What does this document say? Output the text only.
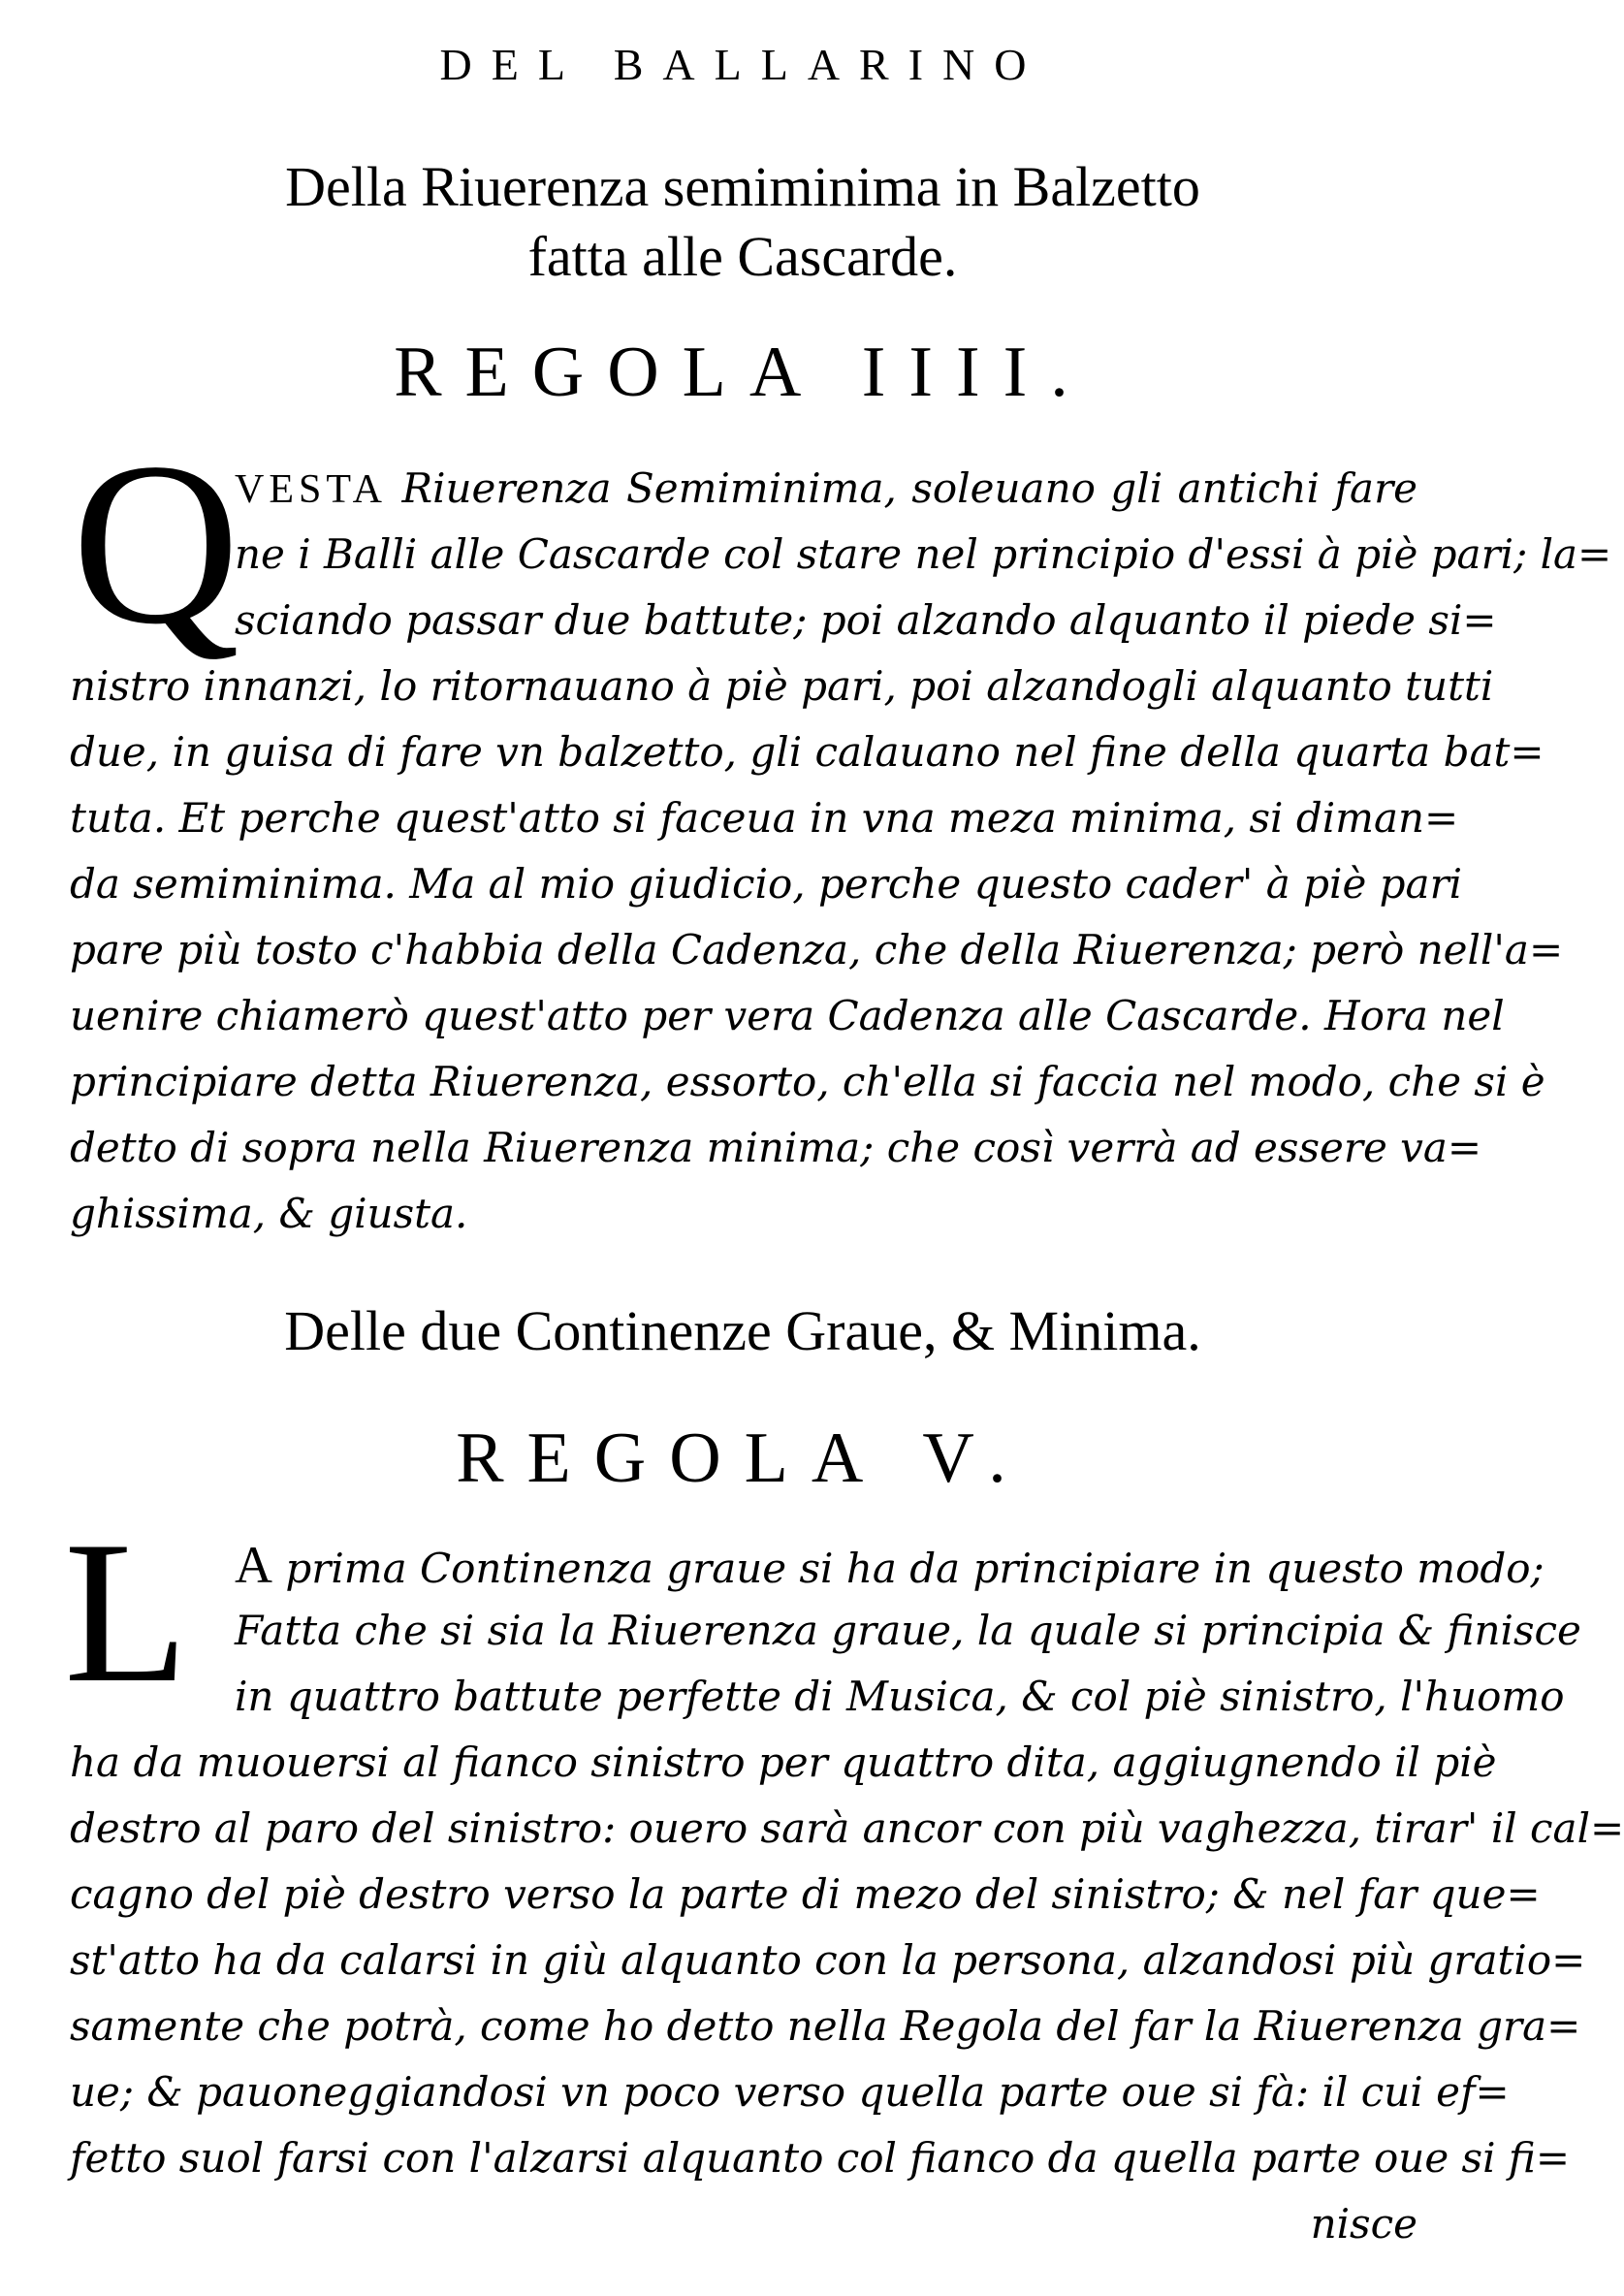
DEL BALLARINO
Della Riuerenza semiminima in Balzetto
fatta alle Cascarde.
REGOLA IIII.
Q
VESTA Riuerenza Semiminima, soleuano gli antichi fare
ne i Balli alle Cascarde col stare nel principio d'essi à piè pari; la=
sciando passar due battute; poi alzando alquanto il piede si=
nistro innanzi, lo ritornauano à piè pari, poi alzandogli alquanto tutti
due, in guisa di fare vn balzetto, gli calauano nel fine della quarta bat=
tuta. Et perche quest'atto si faceua in vna meza minima, si diman=
da semiminima. Ma al mio giudicio, perche questo cader' à piè pari
pare più tosto c'habbia della Cadenza, che della Riuerenza; però nell'a=
uenire chiamerò quest'atto per vera Cadenza alle Cascarde. Hora nel
principiare detta Riuerenza, essorto, ch'ella si faccia nel modo, che si è
detto di sopra nella Riuerenza minima; che così verrà ad essere va=
ghissima, & giusta.
Delle due Continenze Graue, & Minima.
REGOLA V.
L A prima Continenza graue si ha da principiare in questo modo;
Fatta che si sia la Riuerenza graue, la quale si principia & finisce
in quattro battute perfette di Musica, & col piè sinistro, l'huomo
ha da muouersi al fianco sinistro per quattro dita, aggiugnendo il piè
destro al paro del sinistro: ouero sarà ancor con più vaghezza, tirar' il cal=
cagno del piè destro verso la parte di mezo del sinistro; & nel far que=
st'atto ha da calarsi in giù alquanto con la persona, alzandosi più gratio=
samente che potrà, come ho detto nella Regola del far la Riuerenza gra=
ue; & pauoneggiandosi vn poco verso quella parte oue si fà: il cui ef=
fetto suol farsi con l'alzarsi alquanto col fianco da quella parte oue si fi=
nisce
